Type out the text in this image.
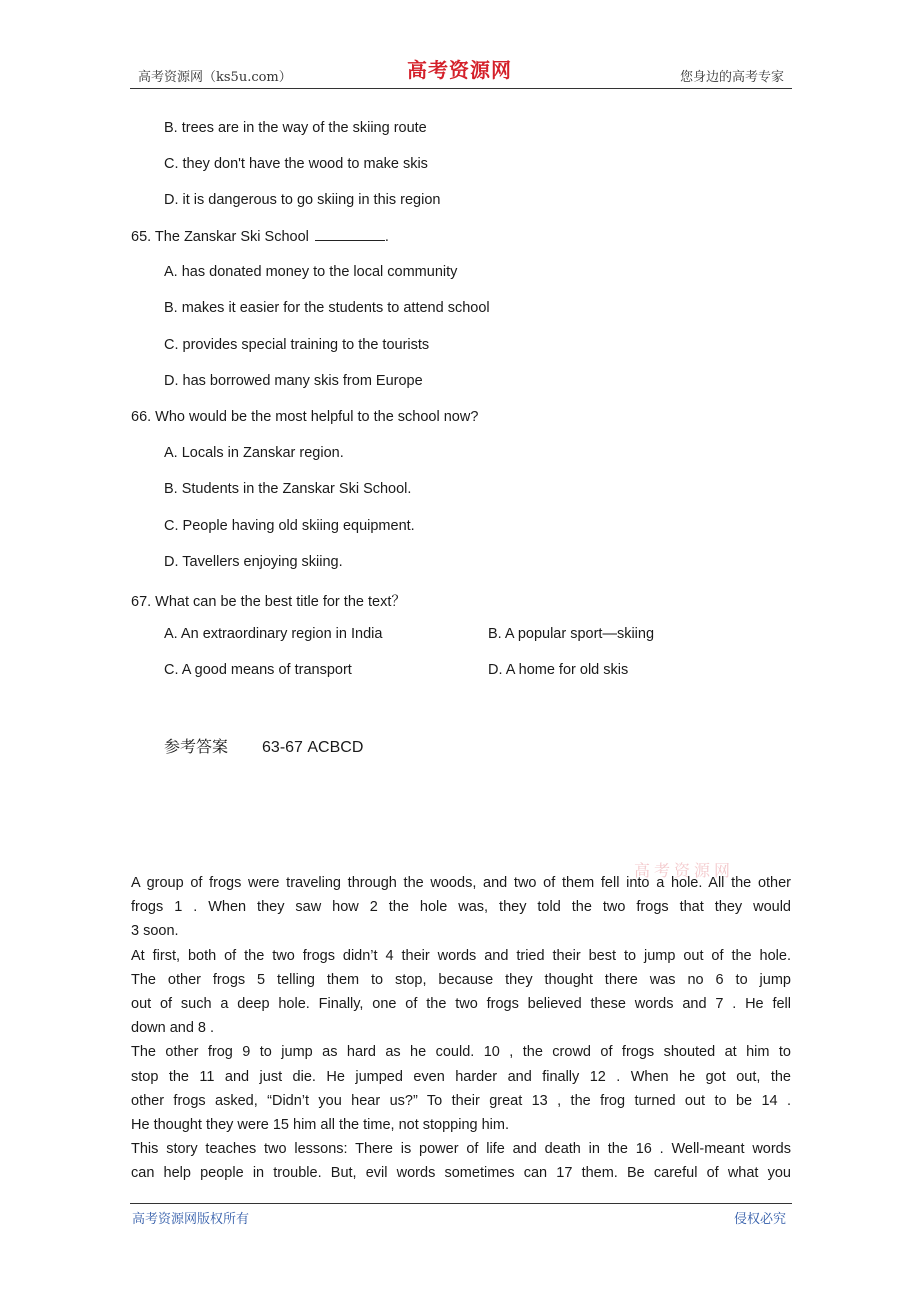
高考资源网（ks5u.com）	高考资源网	您身边的高考专家
B. trees are in the way of the skiing route
C. they don't have the wood to make skis
D. it is dangerous to go skiing in this region
65. The Zanskar Ski School	.
A. has donated money to the local community
B. makes it easier for the students to attend school
C. provides special training to the tourists
D. has borrowed many skis from Europe
66. Who would be the most helpful to the school now?
A. Locals in Zanskar region.
B. Students in the Zanskar Ski School.
C. People having old skiing equipment.
D. Tavellers enjoying skiing.
67. What can be the best title for the text？
A. An extraordinary region in India	B. A popular sport—skiing
C. A good means of transport	D. A home for old skis
参考答案 63-67 ACBCD
高考资源网
A group of frogs were traveling through the woods, and two of them fell into a hole. All the other
frogs 1 . When they saw how 2 the hole was, they told the two frogs that they would
3 soon.
At first, both of the two frogs didn’t 4 their words and tried their best to jump out of the hole.
The other frogs 5 telling them to stop, because they thought there was no 6 to jump
out of such a deep hole. Finally, one of the two frogs believed these words and 7 . He fell
down and 8 .
The other frog 9 to jump as hard as he could. 10 , the crowd of frogs shouted at him to
stop the 11 and just die. He jumped even harder and finally 12 . When he got out, the
other frogs asked, “Didn’t you hear us?” To their great 13 , the frog turned out to be 14 .
He thought they were 15 him all the time, not stopping him.
This story teaches two lessons: There is power of life and death in the 16 . Well-meant words
can help people in trouble. But, evil words sometimes can 17 them. Be careful of what you
高考资源网版权所有	侵权必究
